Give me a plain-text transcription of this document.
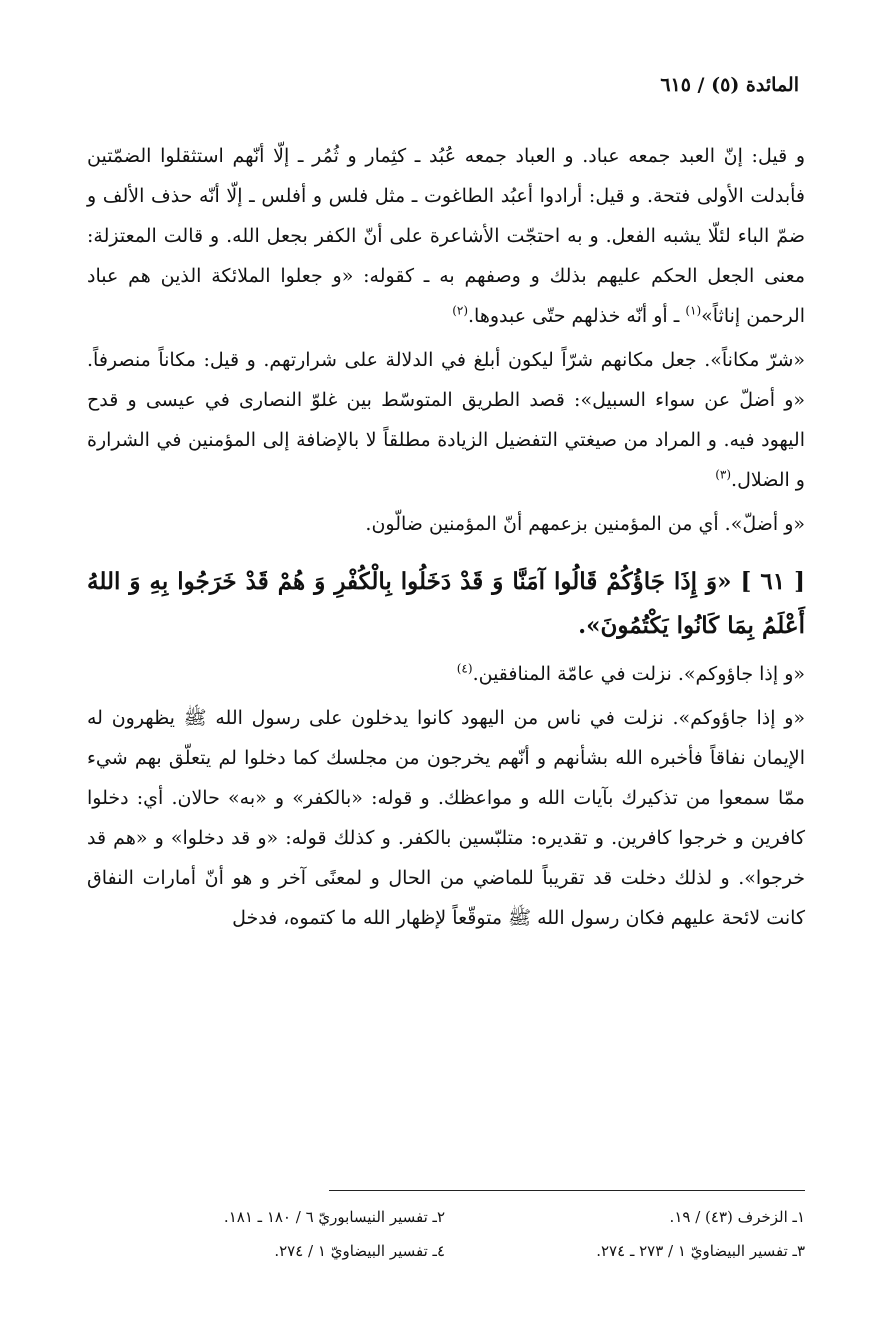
المائدة (٥) / ٦١٥

و قيل: إنّ العبد جمعه عباد. و العباد جمعه عُبُد ـ كثِمار و ثُمُر ـ إلّا أنّهم استثقلوا الضمّتين فأبدلت الأولى فتحة. و قيل: أرادوا أعبُد الطاغوت ـ مثل فلس و أفلس ـ إلّا أنّه حذف الألف و ضمّ الباء لئلّا يشبه الفعل. و به احتجّت الأشاعرة على أنّ الكفر بجعل الله. و قالت المعتزلة: معنى الجعل الحكم عليهم بذلك و وصفهم به ـ كقوله: «و جعلوا الملائكة الذين هم عباد الرحمن إناثاً»$^{(١)}$ ـ أو أنّه خذلهم حتّى عبدوها.$^{(٢)}$

«شرّ مكاناً». جعل مكانهم شرّاً ليكون أبلغ في الدلالة على شرارتهم. و قيل: مكاناً منصرفاً. «و أضلّ عن سواء السبيل»: قصد الطريق المتوسّط بين غلوّ النصارى في عيسى و قدح اليهود فيه. و المراد من صيغتي التفضيل الزيادة مطلقاً لا بالإضافة إلى المؤمنين في الشرارة و الضلال.$^{(٣)}$

«و أضلّ». أي من المؤمنين بزعمهم أنّ المؤمنين ضالّون.

[ ٦١ ] «وَ إِذَا جَاؤُكُمْ قَالُوا آمَنَّا وَ قَدْ دَخَلُوا بِالْكُفْرِ وَ هُمْ قَدْ خَرَجُوا بِهِ وَ اللهُ أَعْلَمُ بِمَا كَانُوا يَكْتُمُونَ».

«و إذا جاؤوكم». نزلت في عامّة المنافقين.$^{(٤)}$

«و إذا جاؤوكم». نزلت في ناس من اليهود كانوا يدخلون على رسول الله ﷺ يظهرون له الإيمان نفاقاً فأخبره الله بشأنهم و أنّهم يخرجون من مجلسك كما دخلوا لم يتعلّق بهم شيء ممّا سمعوا من تذكيرك بآيات الله و مواعظك. و قوله: «بالكفر» و «به» حالان. أي: دخلوا كافرين و خرجوا كافرين. و تقديره: متلبّسين بالكفر. و كذلك قوله: «و قد دخلوا» و «هم قد خرجوا». و لذلك دخلت قد تقريباً للماضي من الحال و لمعنًى آخر و هو أنّ أمارات النفاق كانت لائحة عليهم فكان رسول الله ﷺ متوقّعاً لإظهار الله ما كتموه، فدخل

١ـ الزخرف (٤٣) / ١٩.
٢ـ تفسير النيسابوريّ ٦ / ١٨٠ ـ ١٨١.
٣ـ تفسير البيضاويّ ١ / ٢٧٣ ـ ٢٧٤.
٤ـ تفسير البيضاويّ ١ / ٢٧٤.
